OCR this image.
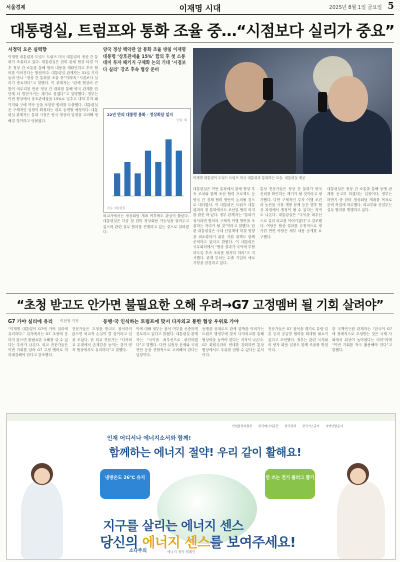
서울경제	이재명 시대	2025년 8월 1일 금요일 5
대통령실, 트럼프와 통화 조율 중…“시점보다 실리가 중요”
서정덕 오은 실력향
이재명 대통령과 도널드 트럼프 미국 대통령의 정상 간 통화가 조율되고 있다. 대통령실은 한미 관세 협상 타결 이후 정상 간 소통을 통해 합의 내용을 재확인하고 후속 협의를 이어간다는 방침이다. 대통령실 관계자는 31일 기자들과 만나 “정상 간 통화를 조율 중”이라며 “시점보다 실리가 중요하다”고 말했다. 이 관계자는 “관세 협상의 큰 틀이 마무리된 만큼 정상 간 대화를 통해 양국 관계를 한 단계 더 발전시키는 계기로 삼겠다”고 설명했다. 정부는 이번 협상에서 상호관세율을 15%로 낮추고 대미 투자 패키지와 구매 약속 등을 포함한 합의를 도출했다. 대통령실은 구체적인 일정이 확정되는 대로 공개할 예정이다. 대통령실 관계자는 통화 시점은 양국 정상의 일정을 고려해 정해질 것이라고 덧붙였다.
양국 정상 백악관 앞 통화 조율 방침 이재명 대통령 ‘상호관세율 15%’ 합의 후 첫 소통 대미 투자 패키지 구체화 논의 기대 ‘시점보다 실리’ 강조 후속 협상 준비
22년 만의 대통령 통화 · 정상회담 일지
단위: 회
자료: 대통령실
외교가에서는 정상회담 개최 여부에도 관심이 쏠린다. 대통령실은 다음 달 한미 정상회담 가능성을 열어두고 있으며 관련 실무 협의를 진행하고 있는 것으로 알려졌다.
이재명 대통령이 도널드 트럼프 미국 대통령과 통화하는 모습. 대통령실 제공
대통령실은 이번 통화에서 관세 협상 후속 조치와 함께 조선 협력 프로젝트 등 양국 간 경제 협력 방안이 논의될 것으로 내다봤다. 이 대통령은 트럼프 대통령과의 첫 통화에서도 조선업 협력 의지를 밝힌 바 있다. 정부 관계자는 “통화가 성사되면 합의의 구체적 이행 방안을 조율하는 자리가 될 것”이라고 말했다. 한편 대통령실은 국내 산업계에 미칠 영향을 최소화하기 위한 지원 대책도 함께 준비하고 있다고 밝혔다. 이 대통령은 국무회의에서 “협상 결과가 국익에 부합하도록 후속 조치를 철저히 하라”고 지시했다. 관계 부처는 수출 기업의 애로사항을 점검하고 있다.
통상 전문가들은 정상 간 통화가 양국 신뢰를 확인하는 계기가 될 것이라고 평가했다. 다만 구체적인 투자 이행 조건과 농산물 시장 개방 문제 등은 향후 협상 과정에서 쟁점이 될 수 있다는 지적도 나온다. 대통령실은 “국익을 최우선으로 실리 외교를 이어가겠다”고 강조했다. 여당은 협상 결과를 긍정적으로 평가한 반면 야당은 세부 내용 공개를 요구했다.
대통령실은 정상 간 소통을 통해 동맹 관계를 공고히 하겠다는 입장이다. 정부는 하반기 중 한미 정상회담 개최를 목표로 준비 작업에 착수했다. 외교부와 산업부는 실무 협의를 병행하고 있다.
“초청 받고도 안가면 불필요한 오해 우려→G7 고정멤버 될 기회 살려야”
G7 가야 실리에 유리 이현정 기자	동맹·국 인식하는 트럼프에 맞서 다자외교 통한 협상 우위로 가야
“이재명 대통령이 G7에 가야 실리에 유리하다.” 일각에서는 G7 초청에 응하지 않으면 불필요한 오해를 살 수 있다는 우려가 나온다. 외교 전문가들은 이번 기회를 살려 G7 고정 멤버로 자리매김해야 한다고 강조했다.
전문가들은 초청을 받고도 참석하지 않으면 외교적 손실이 클 것이라고 입을 모았다. 한 외교 전문가는 “다자외교 무대에서 존재감을 높이는 것이 양자 협상에서도 유리하다”고 말했다.
이에 대해 정부는 참석 여부를 신중하게 검토하고 있다고 밝혔다. 대통령실 관계자는 “국익을 최우선으로 판단하겠다”고 말했다. 다만 일정상 문제와 국내 현안 등을 종합적으로 고려해야 한다는 입장이다.
동맹을 상대로도 관세 압박을 이어가는 트럼프 행정부에 맞서 다자외교를 통해 협상력을 높여야 한다는 지적이 나온다. G7 회원국과의 연대를 강화하면 통상 협상에서도 우위를 점할 수 있다는 분석이다.
전문가들은 G7 참석을 계기로 유럽·일본 등과 공급망 협력을 확대할 필요가 있다고 조언했다. 정부는 관련 국가와의 양자 회담 일정도 함께 조율할 방침이다.
한 국책연구원 관계자는 “한국이 G7에 정례적으로 초청받는 것은 국제 사회에서 위상이 높아졌다는 의미”라며 “이번 기회를 적극 활용해야 한다”고 말했다.
산업통상자원부 한국에너지공단 한국전력 한국가스공사 지역난방공사
인재 어디서나 에너지소서와 함께!
함께하는 에너지 절약! 우리 같이 활해요!
냉방온도 26℃ 유지	안 쓰는 전기 플러그 뽑기
지구를 살리는 에너지 센스
당신의 에너지 센스를 보여주세요!
소다주의	에너지 절약 캠페인
